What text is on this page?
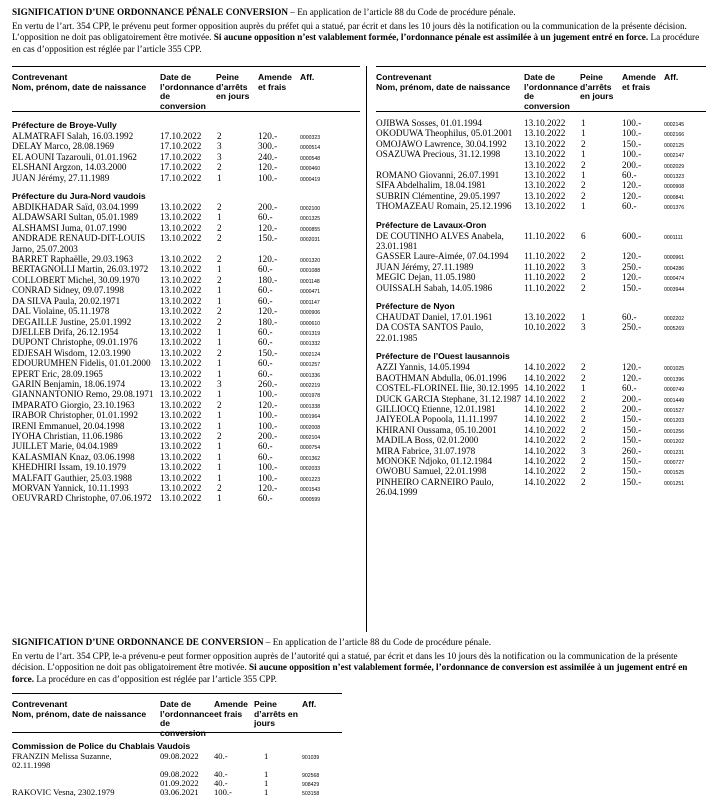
SIGNIFICATION D’UNE ORDONNANCE PÉNALE CONVERSION – En application de l’article 88 du Code de procédure pénale.

En vertu de l’art. 354 CPP, le prévenu peut former opposition auprès du préfet qui a statué, par écrit et dans les 10 jours dès la notification ou la communication de la présente décision. L’opposition ne doit pas obligatoirement être motivée. Si aucune opposition n’est valablement formée, l’ordonnance pénale est assimilée à un jugement entré en force. La procédure en cas d’opposition est réglée par l’article 355 CPP.

Contrevenant
Nom, prénom, date de naissance
Date de l’ordonnance de conversion
Peine d’arrêts en jours
Amende et frais
Aff.
Préfecture de Broye-Vully
ALMATRAFI Salah, 16.03.1992	17.10.2022 2	120.-	0000323
DELAY Marco, 28.08.1969	17.10.2022 3	300.-	0000514
EL AOUNI Tazarouli, 01.01.1962	17.10.2022 3	240.-	0000548
ELSHANI Argzon, 14.03.2000	17.10.2022 2	120.-	0000460
JUAN Jérémy, 27.11.1989	17.10.2022 1	100.-	0000419
Préfecture du Jura-Nord vaudois
ABDIKHADAR Saïd, 03.04.1999	13.10.2022 2	200.-	0002100
ALDAWSARI Sultan, 05.01.1989	13.10.2022 1	60.-	0001325
ALSHAMSI Juma, 01.07.1990	13.10.2022 2	120.-	0000855
ANDRADE RENAUD-DIT-LOUIS Jarno, 25.07.2003
13.10.2022 2	150.-	0002031
BARRET Raphaëlle, 29.03.1963	13.10.2022 2	120.-	0001320
BERTAGNOLLI Martin, 26.03.1972	13.10.2022 1	60.-	0001088
COLLOBERT Michel, 30.09.1970	13.10.2022 2	180.-	0001148
CONRAD Sidney, 09.07.1998	13.10.2022 1	60.-	0000471
DA SILVA Paula, 20.02.1971	13.10.2022 1	60.-	0001147
DAL Violaine, 05.11.1978	13.10.2022 2	120.-	0000906
DEGAILLE Justine, 25.01.1992	13.10.2022 2	180.-	0000610
DJELLEB Drifa, 26.12.1954	13.10.2022 1	60.-	0001319
DUPONT Christophe, 09.01.1976	13.10.2022 1	60.-	0001332
EDJESAH Wisdom, 12.03.1990	13.10.2022 2	150.-	0002124
EDOURUMHEN Fidelis, 01.01.2000	13.10.2022 1	60.-	0001257
EPERT Eric, 28.09.1965	13.10.2022 1	60.-	0001336
GARIN Benjamin, 18.06.1974	13.10.2022 3	260.-	0002219
GIANNANTONIO Remo, 29.08.1971 13.10.2022 1	100.-	0001978
IMPARATO Giorgio, 23.10.1963	13.10.2022 2	120.-	0001338
IRABOR Christopher, 01.01.1992	13.10.2022 1	100.-	0001964
IRENI Emmanuel, 20.04.1998	13.10.2022 1	100.-	0002008
IYOHA Christian, 11.06.1986	13.10.2022 2	200.-	0002104
JUILLET Marie, 04.04.1989	13.10.2022 1	60.-	0000754
KALASMIAN Knaz, 03.06.1998	13.10.2022 1	60.-	0001362
KHEDHIRI Issam, 19.10.1979	13.10.2022 1	100.-	0002033
MALFAIT Gauthier, 25.03.1988	13.10.2022 1	100.-	0001223
MORVAN Yannick, 10.11.1993	13.10.2022 2	120.-	0001543
OEUVRARD Christophe, 07.06.1972 13.10.2022 1	60.-	0000599
Contrevenant
Nom, prénom, date de naissance
Date de l’ordonnance de conversion
Peine d’arrêts en jours
Amende et frais
Aff.
OJIBWA Sosses, 01.01.1994	13.10.2022 1	100.-	0002145
OKODUWA Theophilus, 05.01.2001	13.10.2022 1	100.-	0002166
OMOJAWO Lawrence, 30.04.1992	13.10.2022 2	150.-	0002125
OSAZUWA Precious, 31.12.1998	13.10.2022 1	100.-	0002147
13.10.2022 2	200.-	0002029
ROMANO Giovanni, 26.07.1991	13.10.2022 1	60.-	0001323
SIFA Abdelhalim, 18.04.1981	13.10.2022 2	120.-	0000908
SUBRIN Clémentine, 29.05.1997	13.10.2022 2	120.-	0000841
THOMAZEAU Romain, 25.12.1996	13.10.2022 1	60.-	0001376
Préfecture de Lavaux-Oron
DE COUTINHO ALVES Anabela, 23.01.1981
11.10.2022 6	600.-	0001111
GASSER Laure-Aimée, 07.04.1994	11.10.2022 2	120.-	0000961
JUAN Jérémy, 27.11.1989	11.10.2022 3	250.-	0004286
MEGIC Dejan, 11.05.1980	11.10.2022 2	120.-	0000474
OUISSALH Sabah, 14.05.1986	11.10.2022 2	150.-	0003944
Préfecture de Nyon
CHAUDAT Daniel, 17.01.1961	13.10.2022 1	60.-	0002202
DA COSTA SANTOS Paulo, 22.01.1985
10.10.2022 3	250.-	0005269
Préfecture de l’Ouest lausannois
AZZI Yannis, 14.05.1994	14.10.2022 2	120.-	0001025
BAOTHMAN Abdulla, 06.01.1996	14.10.2022 2	120.-	0001396
COSTEL-FLORINEL Ilie, 30.12.1995 14.10.2022 1	60.-	0000749
DUCK GARCIA Stephane, 31.12.1987 14.10.2022 2	200.-	0001449
GILLIOCQ Etienne, 12.01.1981	14.10.2022 2	200.-	0001527
JAIYEOLA Popoola, 11.11.1997	14.10.2022 2	150.-	0001203
KHIRANI Oussama, 05.10.2001	14.10.2022 2	150.-	0001256
MADILA Boss, 02.01.2000	14.10.2022 2	150.-	0001202
MIRA Fabrice, 31.07.1978	14.10.2022 3	260.-	0001231
MONOKE Ndjoko, 01.12.1984	14.10.2022 2	150.-	0000727
OWOBU Samuel, 22.01.1998	14.10.2022 2	150.-	0001525
PINHEIRO CARNEIRO Paulo, 26.04.1999
14.10.2022 2	150.-	0001251

SIGNIFICATION D’UNE ORDONNANCE DE CONVERSION – En application de l’article 88 du Code de procédure pénale.

En vertu de l’art. 354 CPP, le-a prévenu-e peut former opposition auprès de l’autorité qui a statué, par écrit et dans les 10 jours dès la notification ou la communication de la présente décision. L’opposition ne doit pas obligatoirement être motivée. Si aucune opposition n’est valablement formée, l’ordonnance de conversion est assimilée à un jugement entré en force. La procédure en cas d’opposition est réglée par l’article 355 CPP.

Contrevenant
Nom, prénom, date de naissance
Date de l’ordonnance de conversion
Amende et frais
Peine d’arrêts en jours
Aff.
Commission de Police du Chablais Vaudois
FRANZIN Melissa Suzanne, 02.11.1998
09.08.2022 40.-	1	901039
09.08.2022 40.-	1	902568
01.09.2022 40.-	1	908429
RAKOVIC Vesna, 2302.1979	03.06.2021 100.-	1	503158
